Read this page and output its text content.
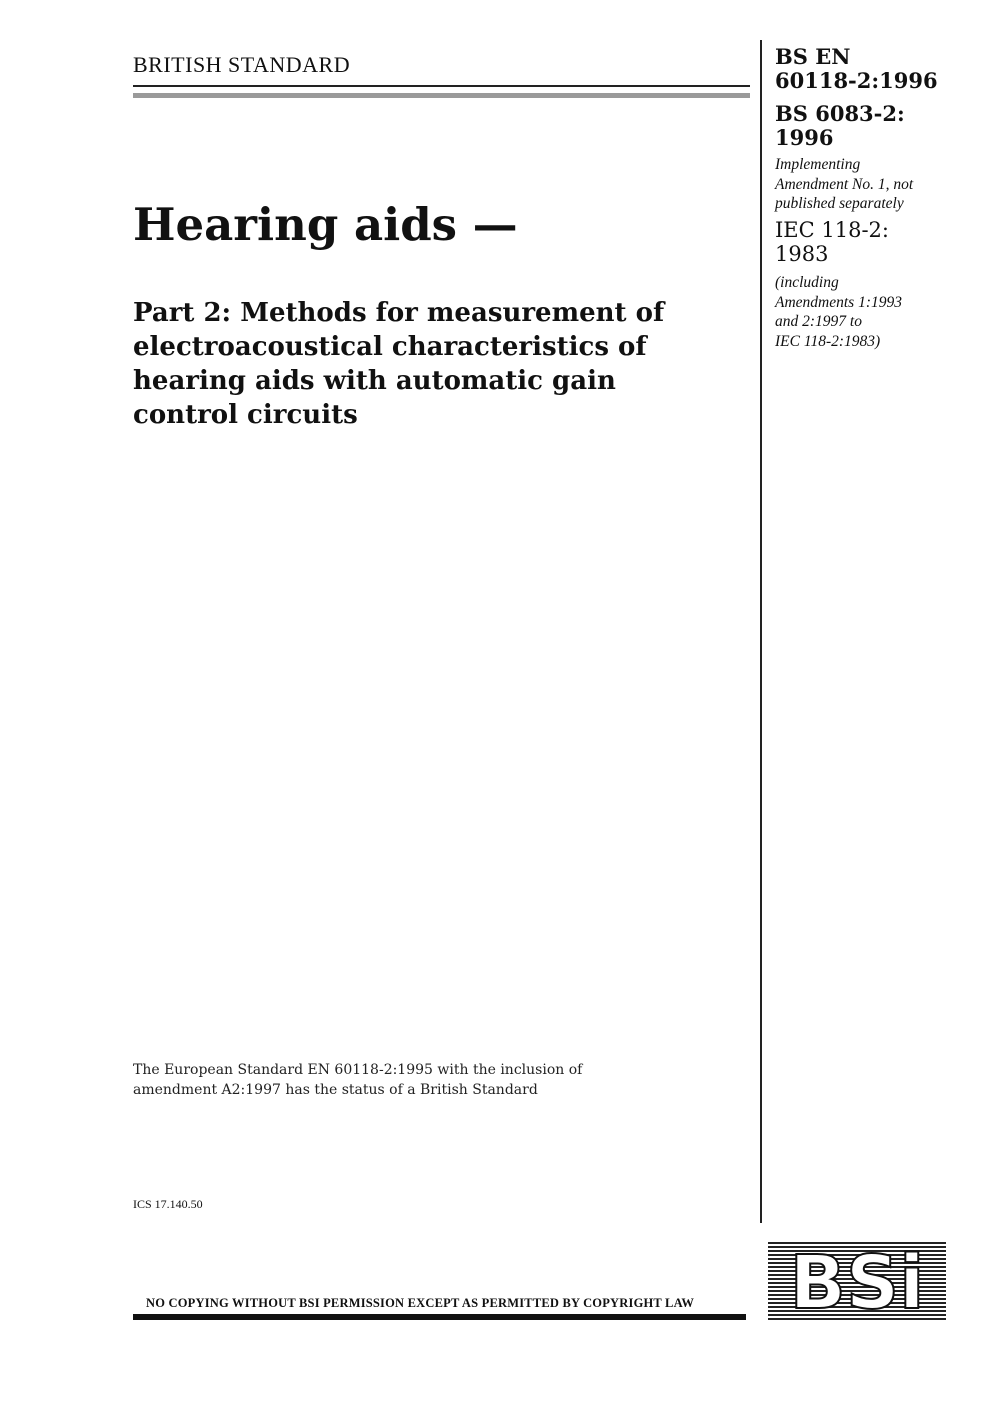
BRITISH STANDARD
Hearing aids —
Part 2: Methods for measurement of
electroacoustical characteristics of
hearing aids with automatic gain
control circuits
BS EN
60118-2:1996
BS 6083-2:
1996
Implementing
Amendment No. 1, not
published separately
IEC 118-2:
1983
(including
Amendments 1:1993
and 2:1997 to
IEC 118-2:1983)
The European Standard EN 60118-2:1995 with the inclusion of
amendment A2:1997 has the status of a British Standard
ICS 17.140.50
NO COPYING WITHOUT BSI PERMISSION EXCEPT AS PERMITTED BY COPYRIGHT LAW	BSi
